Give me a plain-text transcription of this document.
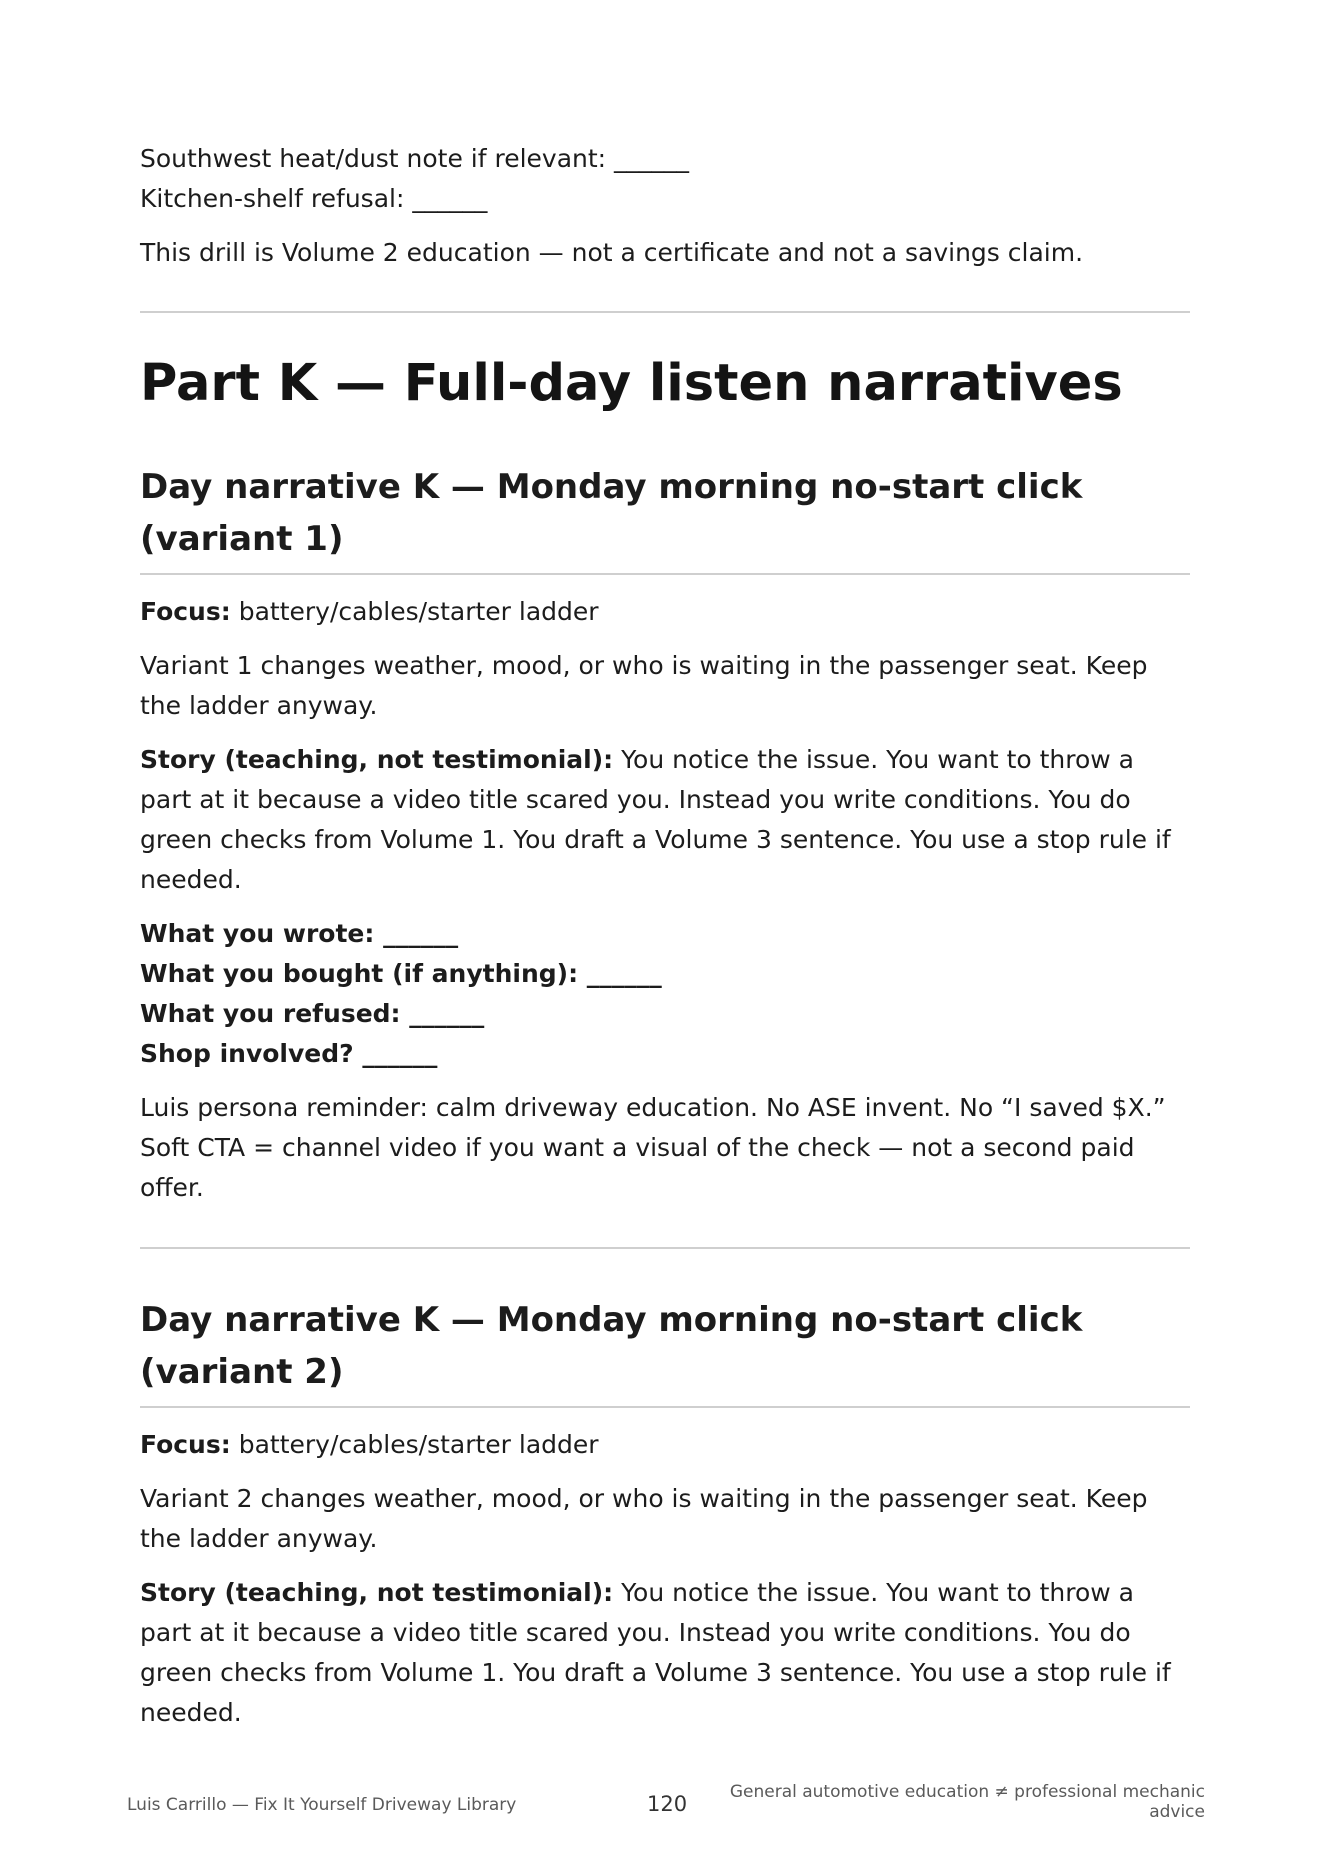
Southwest heat/dust note if relevant: ______

Kitchen-shelf refusal: ______

This drill is Volume 2 education — not a certificate and not a savings claim.

Part K — Full-day listen narratives
Day narrative K — Monday morning no-start click
(variant 1)

Focus: battery/cables/starter ladder

Variant 1 changes weather, mood, or who is waiting in the passenger seat. Keep the ladder anyway.

Story (teaching, not testimonial): You notice the issue. You want to throw a part at it because a video title scared you. Instead you write conditions. You do green checks from Volume 1. You draft a Volume 3 sentence. You use a stop rule if needed.

What you wrote: ______

What you bought (if anything): ______

What you refused: ______

Shop involved? ______

Luis persona reminder: calm driveway education. No ASE invent. No “I saved $X.” Soft CTA = channel video if you want a visual of the check — not a second paid offer.

Day narrative K — Monday morning no-start click
(variant 2)

Focus: battery/cables/starter ladder

Variant 2 changes weather, mood, or who is waiting in the passenger seat. Keep the ladder anyway.

Story (teaching, not testimonial): You notice the issue. You want to throw a part at it because a video title scared you. Instead you write conditions. You do green checks from Volume 1. You draft a Volume 3 sentence. You use a stop rule if needed.

Luis Carrillo — Fix It Yourself Driveway Library	120	General automotive education ≠ professional mechanic
advice
